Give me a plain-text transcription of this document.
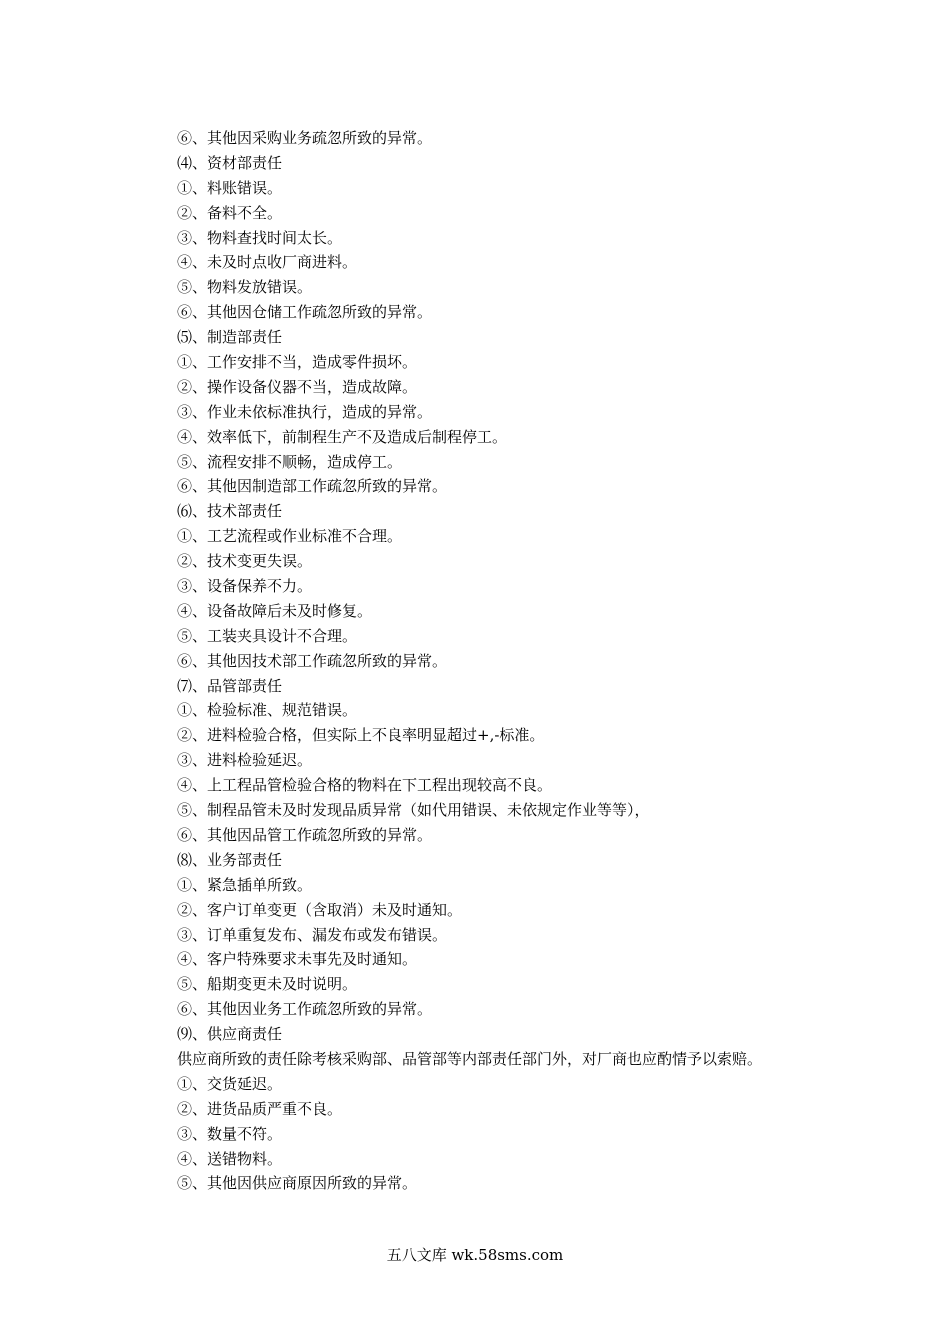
⑥、其他因采购业务疏忽所致的异常。
⑷、资材部责任
①、料账错误。
②、备料不全。
③、物料查找时间太长。
④、未及时点收厂商进料。
⑤、物料发放错误。
⑥、其他因仓储工作疏忽所致的异常。
⑸、制造部责任
①、工作安排不当，造成零件损坏。
②、操作设备仪器不当，造成故障。
③、作业未依标准执行，造成的异常。
④、效率低下，前制程生产不及造成后制程停工。
⑤、流程安排不顺畅，造成停工。
⑥、其他因制造部工作疏忽所致的异常。
⑹、技术部责任
①、工艺流程或作业标准不合理。
②、技术变更失误。
③、设备保养不力。
④、设备故障后未及时修复。
⑤、工装夹具设计不合理。
⑥、其他因技术部工作疏忽所致的异常。
⑺、品管部责任
①、检验标准、规范错误。
②、进料检验合格，但实际上不良率明显超过+,-标准。
③、进料检验延迟。
④、上工程品管检验合格的物料在下工程出现较高不良。
⑤、制程品管未及时发现品质异常（如代用错误、未依规定作业等等），
⑥、其他因品管工作疏忽所致的异常。
⑻、业务部责任
①、紧急插单所致。
②、客户订单变更（含取消）未及时通知。
③、订单重复发布、漏发布或发布错误。
④、客户特殊要求未事先及时通知。
⑤、船期变更未及时说明。
⑥、其他因业务工作疏忽所致的异常。
⑼、供应商责任
供应商所致的责任除考核采购部、品管部等内部责任部门外，对厂商也应酌情予以索赔。
①、交货延迟。
②、进货品质严重不良。
③、数量不符。
④、送错物料。
⑤、其他因供应商原因所致的异常。
五八文库 wk.58sms.com
